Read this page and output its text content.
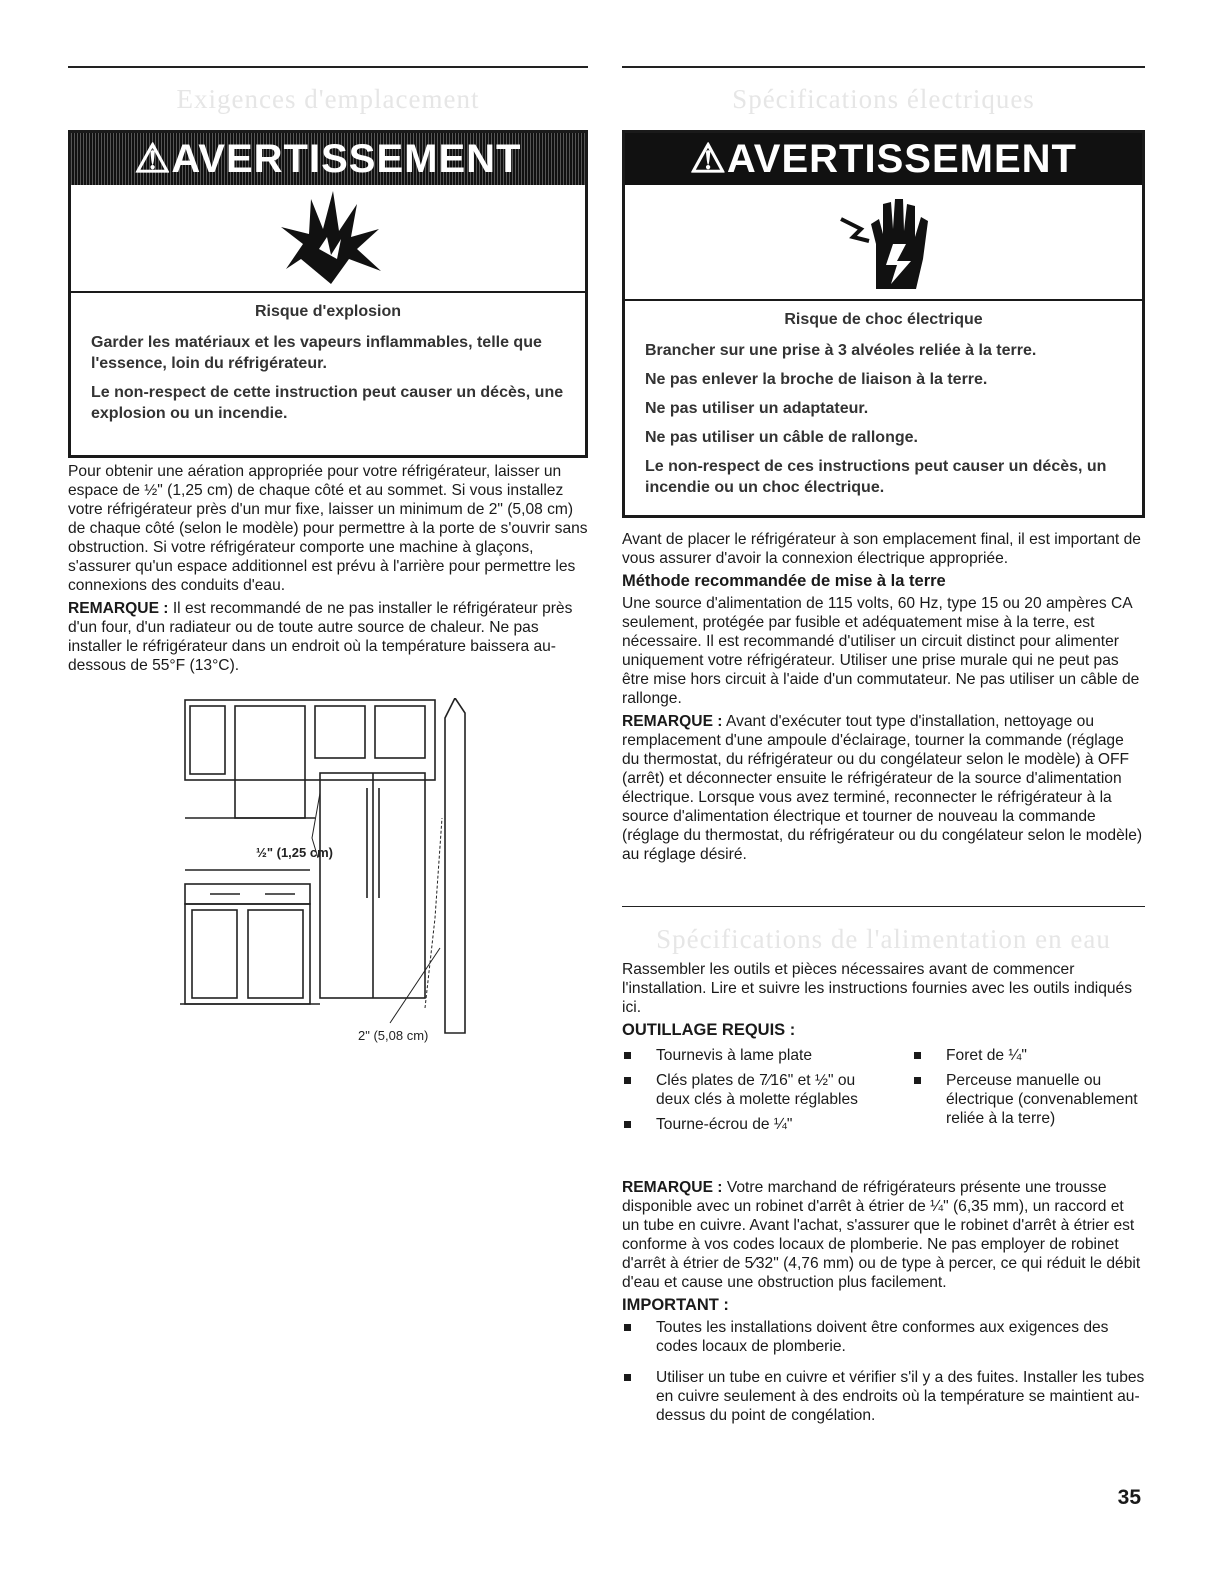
Exigences d'emplacement
⚠AVERTISSEMENT

Risque d'explosion

Garder les matériaux et les vapeurs inflammables, telle que l'essence, loin du réfrigérateur.

Le non-respect de cette instruction peut causer un décès, une explosion ou un incendie.

Pour obtenir une aération appropriée pour votre réfrigérateur, laisser un espace de ½" (1,25 cm) de chaque côté et au sommet. Si vous installez votre réfrigérateur près d'un mur fixe, laisser un minimum de 2" (5,08 cm) de chaque côté (selon le modèle) pour permettre à la porte de s'ouvrir sans obstruction. Si votre réfrigérateur comporte une machine à glaçons, s'assurer qu'un espace additionnel est prévu à l'arrière pour permettre les connexions des conduits d'eau.

REMARQUE : Il est recommandé de ne pas installer le réfrigérateur près d'un four, d'un radiateur ou de toute autre source de chaleur. Ne pas installer le réfrigérateur dans un endroit où la température baissera au-dessous de 55°F (13°C).

½" (1,25 cm)
2" (5,08 cm)
Spécifications électriques
⚠AVERTISSEMENT

Risque de choc électrique

Brancher sur une prise à 3 alvéoles reliée à la terre.

Ne pas enlever la broche de liaison à la terre.

Ne pas utiliser un adaptateur.

Ne pas utiliser un câble de rallonge.

Le non-respect de ces instructions peut causer un décès, un incendie ou un choc électrique.

Avant de placer le réfrigérateur à son emplacement final, il est important de vous assurer d'avoir la connexion électrique appropriée.

Méthode recommandée de mise à la terre

Une source d'alimentation de 115 volts, 60 Hz, type 15 ou 20 ampères CA seulement, protégée par fusible et adéquatement mise à la terre, est nécessaire. Il est recommandé d'utiliser un circuit distinct pour alimenter uniquement votre réfrigérateur. Utiliser une prise murale qui ne peut pas être mise hors circuit à l'aide d'un commutateur. Ne pas utiliser un câble de rallonge.

REMARQUE : Avant d'exécuter tout type d'installation, nettoyage ou remplacement d'une ampoule d'éclairage, tourner la commande (réglage du thermostat, du réfrigérateur ou du congélateur selon le modèle) à OFF (arrêt) et déconnecter ensuite le réfrigérateur de la source d'alimentation électrique. Lorsque vous avez terminé, reconnecter le réfrigérateur à la source d'alimentation électrique et tourner de nouveau la commande (réglage du thermostat, du réfrigérateur ou du congélateur selon le modèle) au réglage désiré.

Spécifications de l'alimentation en eau

Rassembler les outils et pièces nécessaires avant de commencer l'installation. Lire et suivre les instructions fournies avec les outils indiqués ici.

OUTILLAGE REQUIS :
Tournevis à lame plate
Clés plates de 7⁄16" et ½" ou deux clés à molette réglables
Tourne-écrou de ¼"
Foret de ¼"
Perceuse manuelle ou électrique (convenablement reliée à la terre)

REMARQUE : Votre marchand de réfrigérateurs présente une trousse disponible avec un robinet d'arrêt à étrier de ¼" (6,35 mm), un raccord et un tube en cuivre. Avant l'achat, s'assurer que le robinet d'arrêt à étrier est conforme à vos codes locaux de plomberie. Ne pas employer de robinet d'arrêt à étrier de 5⁄32" (4,76 mm) ou de type à percer, ce qui réduit le débit d'eau et cause une obstruction plus facilement.

IMPORTANT :
Toutes les installations doivent être conformes aux exigences des codes locaux de plomberie.
Utiliser un tube en cuivre et vérifier s'il y a des fuites. Installer les tubes en cuivre seulement à des endroits où la température se maintient au-dessus du point de congélation.
35
